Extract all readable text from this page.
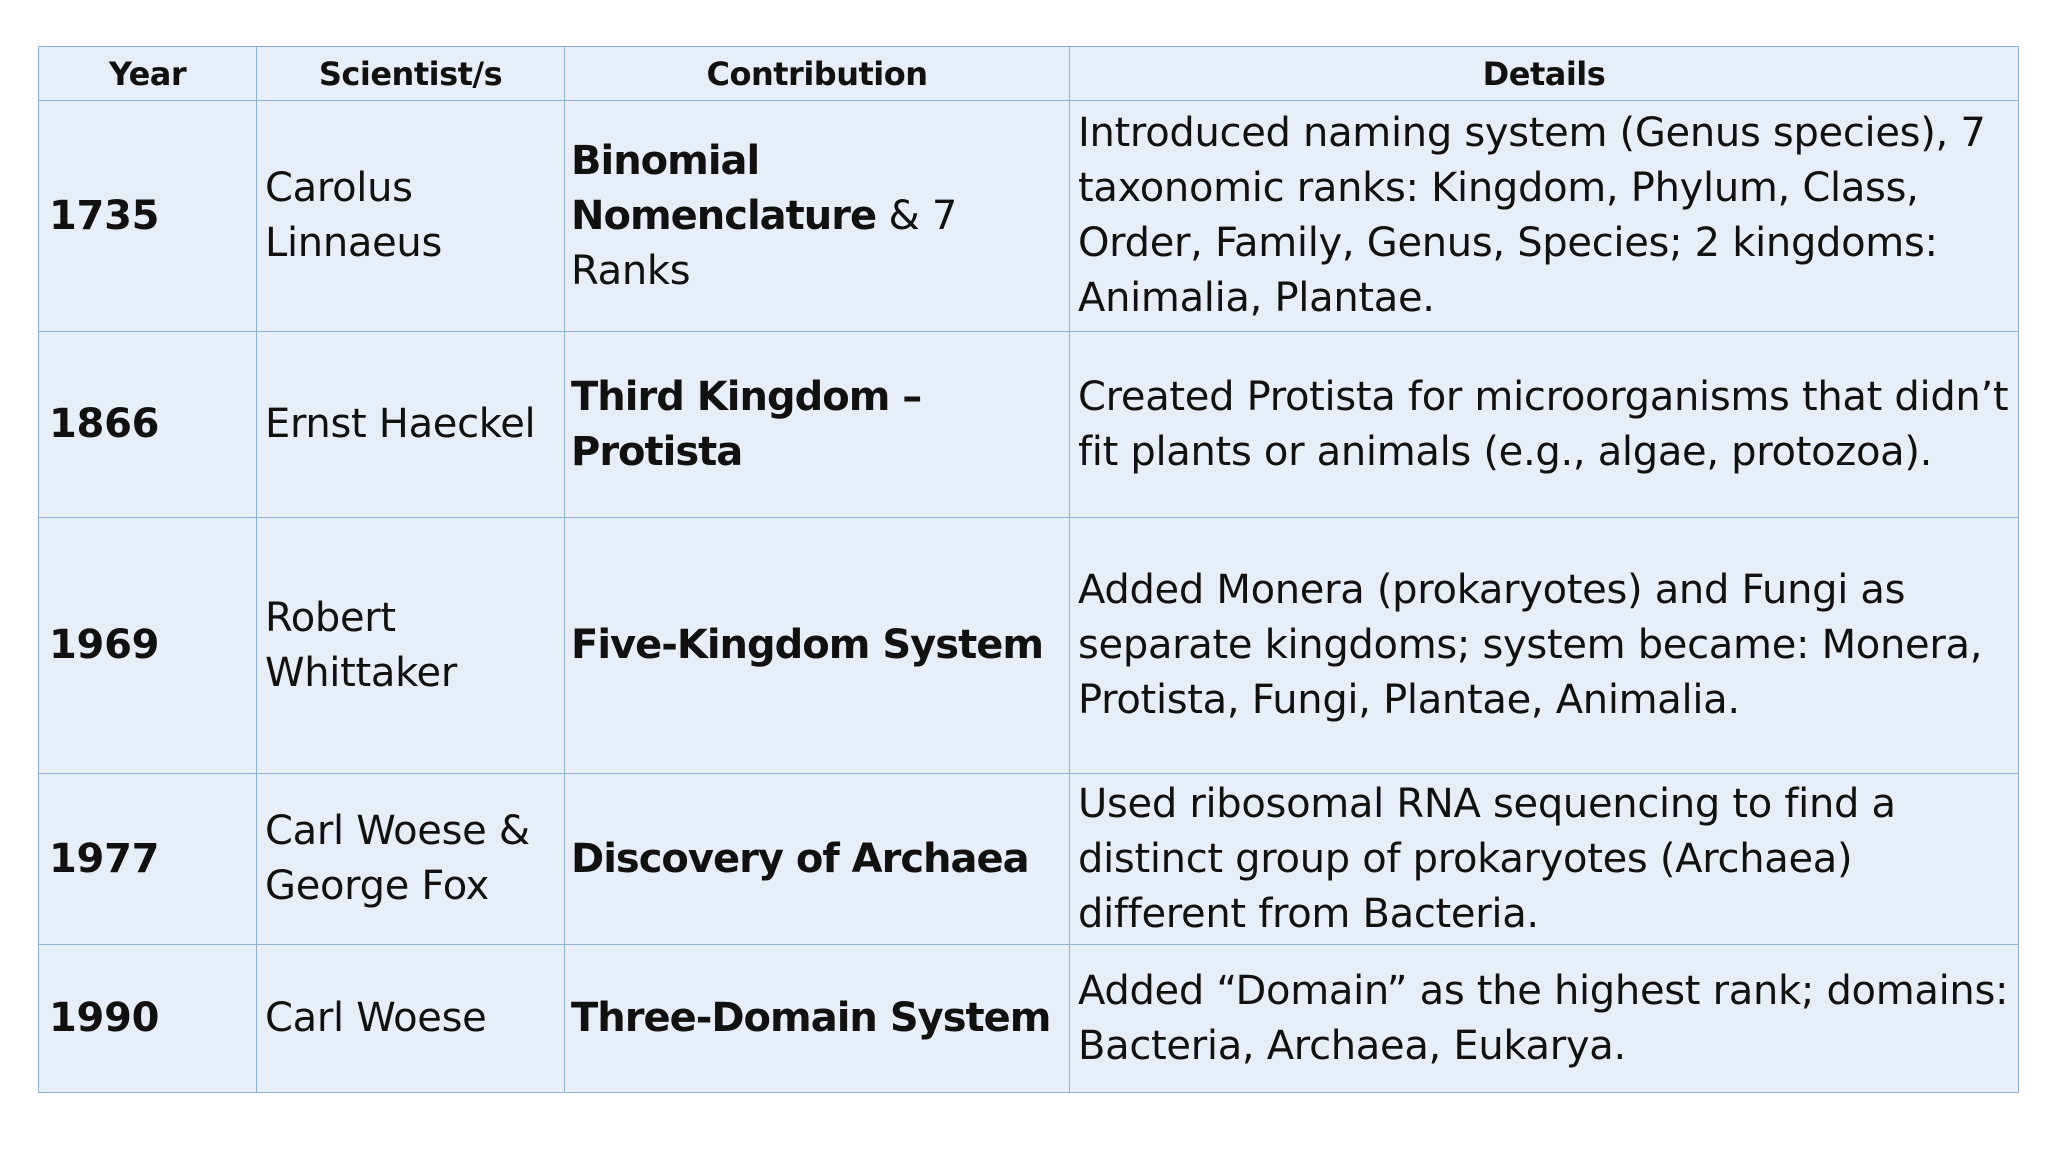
Year	Scientist/s	Contribution	Details
1735	Carolus Linnaeus	Binomial Nomenclature & 7 Ranks	Introduced naming system (Genus species), 7 taxonomic ranks: Kingdom, Phylum, Class, Order, Family, Genus, Species; 2 kingdoms: Animalia, Plantae.
1866	Ernst Haeckel	Third Kingdom – Protista	Created Protista for microorganisms that didn’t fit plants or animals (e.g., algae, protozoa).
1969	Robert Whittaker	Five-Kingdom System	Added Monera (prokaryotes) and Fungi as separate kingdoms; system became: Monera, Protista, Fungi, Plantae, Animalia.
1977	Carl Woese & George Fox	Discovery of Archaea	Used ribosomal RNA sequencing to find a distinct group of prokaryotes (Archaea) different from Bacteria.
1990	Carl Woese	Three-Domain System	Added “Domain” as the highest rank; domains: Bacteria, Archaea, Eukarya.
